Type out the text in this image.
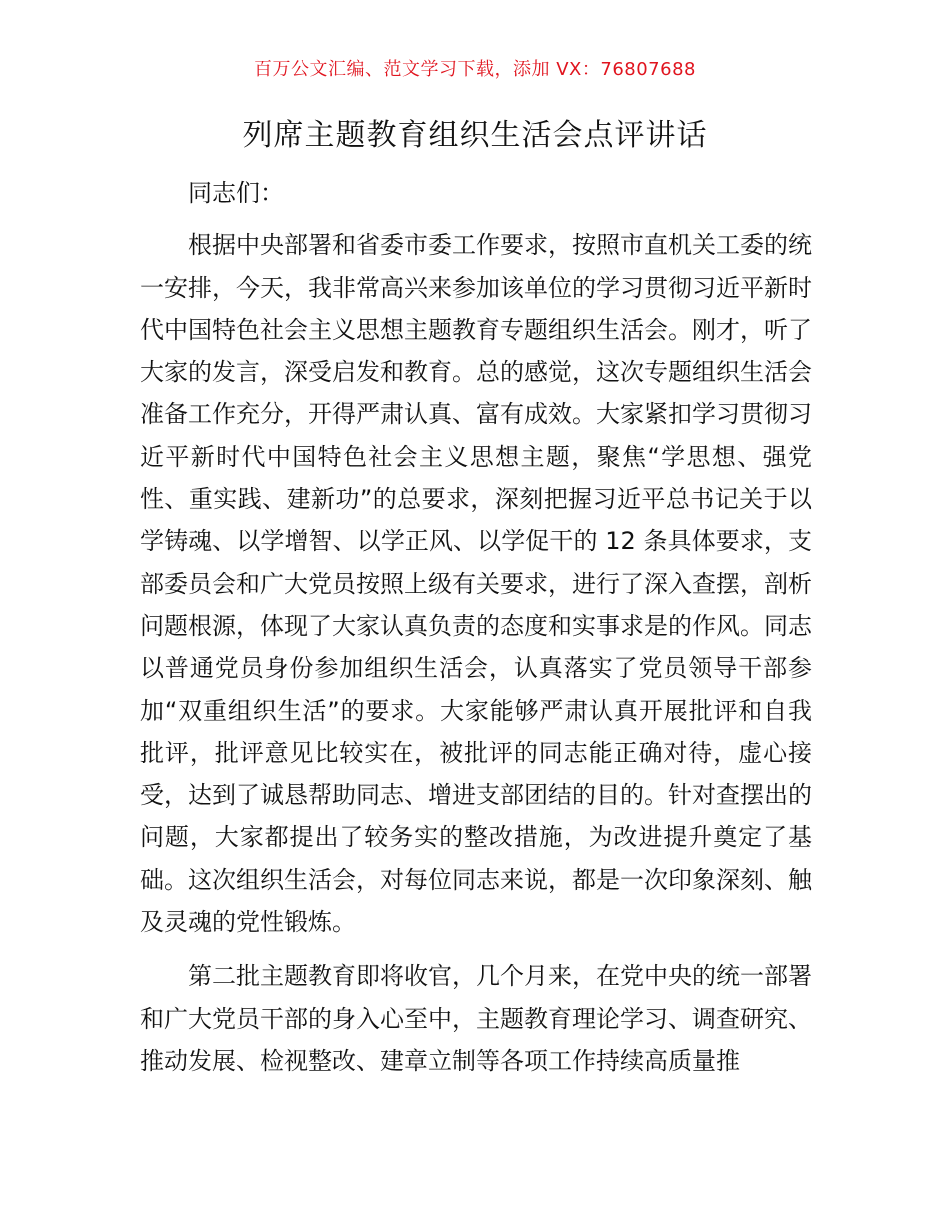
百万公文汇编、范文学习下载，添加 VX：76807688
列席主题教育组织生活会点评讲话

同志们：

根据中央部署和省委市委工作要求，按照市直机关工委的统一安排，今天，我非常高兴来参加该单位的学习贯彻习近平新时代中国特色社会主义思想主题教育专题组织生活会。刚才，听了大家的发言，深受启发和教育。总的感觉，这次专题组织生活会准备工作充分，开得严肃认真、富有成效。大家紧扣学习贯彻习近平新时代中国特色社会主义思想主题，聚焦“学思想、强党性、重实践、建新功”的总要求，深刻把握习近平总书记关于以学铸魂、以学增智、以学正风、以学促干的 12 条具体要求，支部委员会和广大党员按照上级有关要求，进行了深入查摆，剖析问题根源，体现了大家认真负责的态度和实事求是的作风。同志以普通党员身份参加组织生活会，认真落实了党员领导干部参加“双重组织生活”的要求。大家能够严肃认真开展批评和自我批评，批评意见比较实在，被批评的同志能正确对待，虚心接受，达到了诚恳帮助同志、增进支部团结的目的。针对查摆出的问题，大家都提出了较务实的整改措施，为改进提升奠定了基础。这次组织生活会，对每位同志来说，都是一次印象深刻、触及灵魂的党性锻炼。

第二批主题教育即将收官，几个月来，在党中央的统一部署和广大党员干部的身入心至中，主题教育理论学习、调查研究、推动发展、检视整改、建章立制等各项工作持续高质量推
